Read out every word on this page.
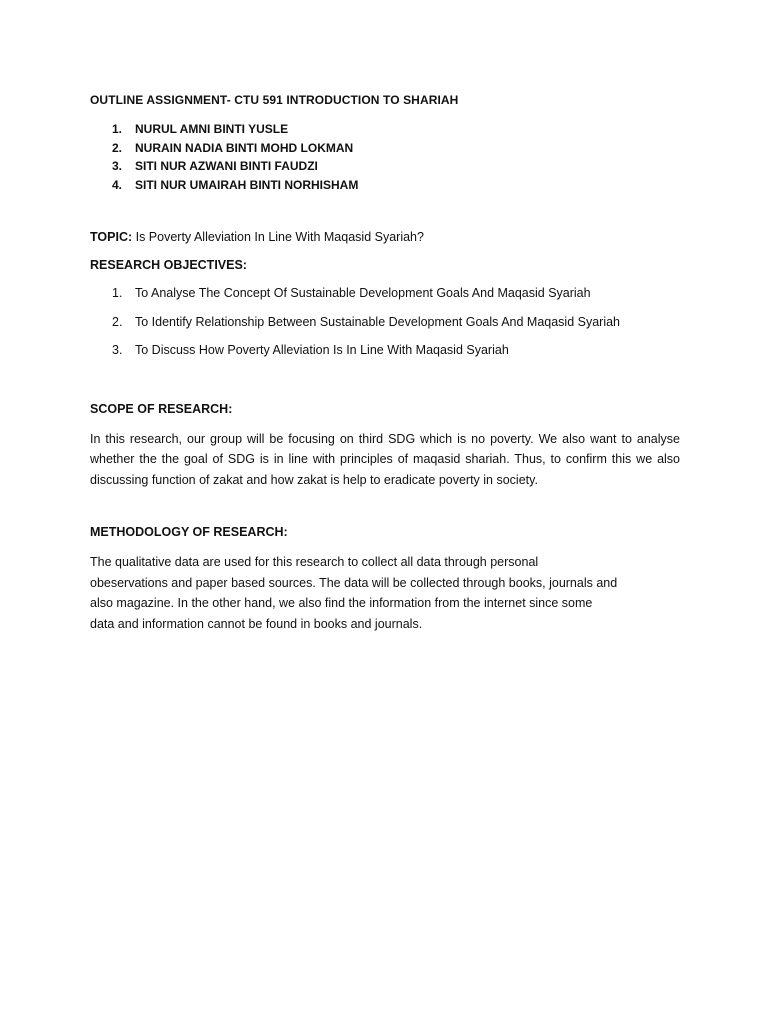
OUTLINE ASSIGNMENT- CTU 591 INTRODUCTION TO SHARIAH

1. NURUL AMNI BINTI YUSLE
2. NURAIN NADIA BINTI MOHD LOKMAN
3. SITI NUR AZWANI BINTI FAUDZI
4. SITI NUR UMAIRAH BINTI NORHISHAM

TOPIC: Is Poverty Alleviation In Line With Maqasid Syariah?

RESEARCH OBJECTIVES:

1. To Analyse The Concept Of Sustainable Development Goals And Maqasid Syariah
2. To Identify Relationship Between Sustainable Development Goals And Maqasid Syariah
3. To Discuss How Poverty Alleviation Is In Line With Maqasid Syariah

SCOPE OF RESEARCH:

In this research, our group will be focusing on third SDG which is no poverty. We also want to analyse whether the the goal of SDG is in line with principles of maqasid shariah. Thus, to confirm this we also discussing function of zakat and how zakat is help to eradicate poverty in society.

METHODOLOGY OF RESEARCH:

The qualitative data are used for this research to collect all data through personal
obeservations and paper based sources. The data will be collected through books, journals and
also magazine. In the other hand, we also find the information from the internet since some
data and information cannot be found in books and journals.
